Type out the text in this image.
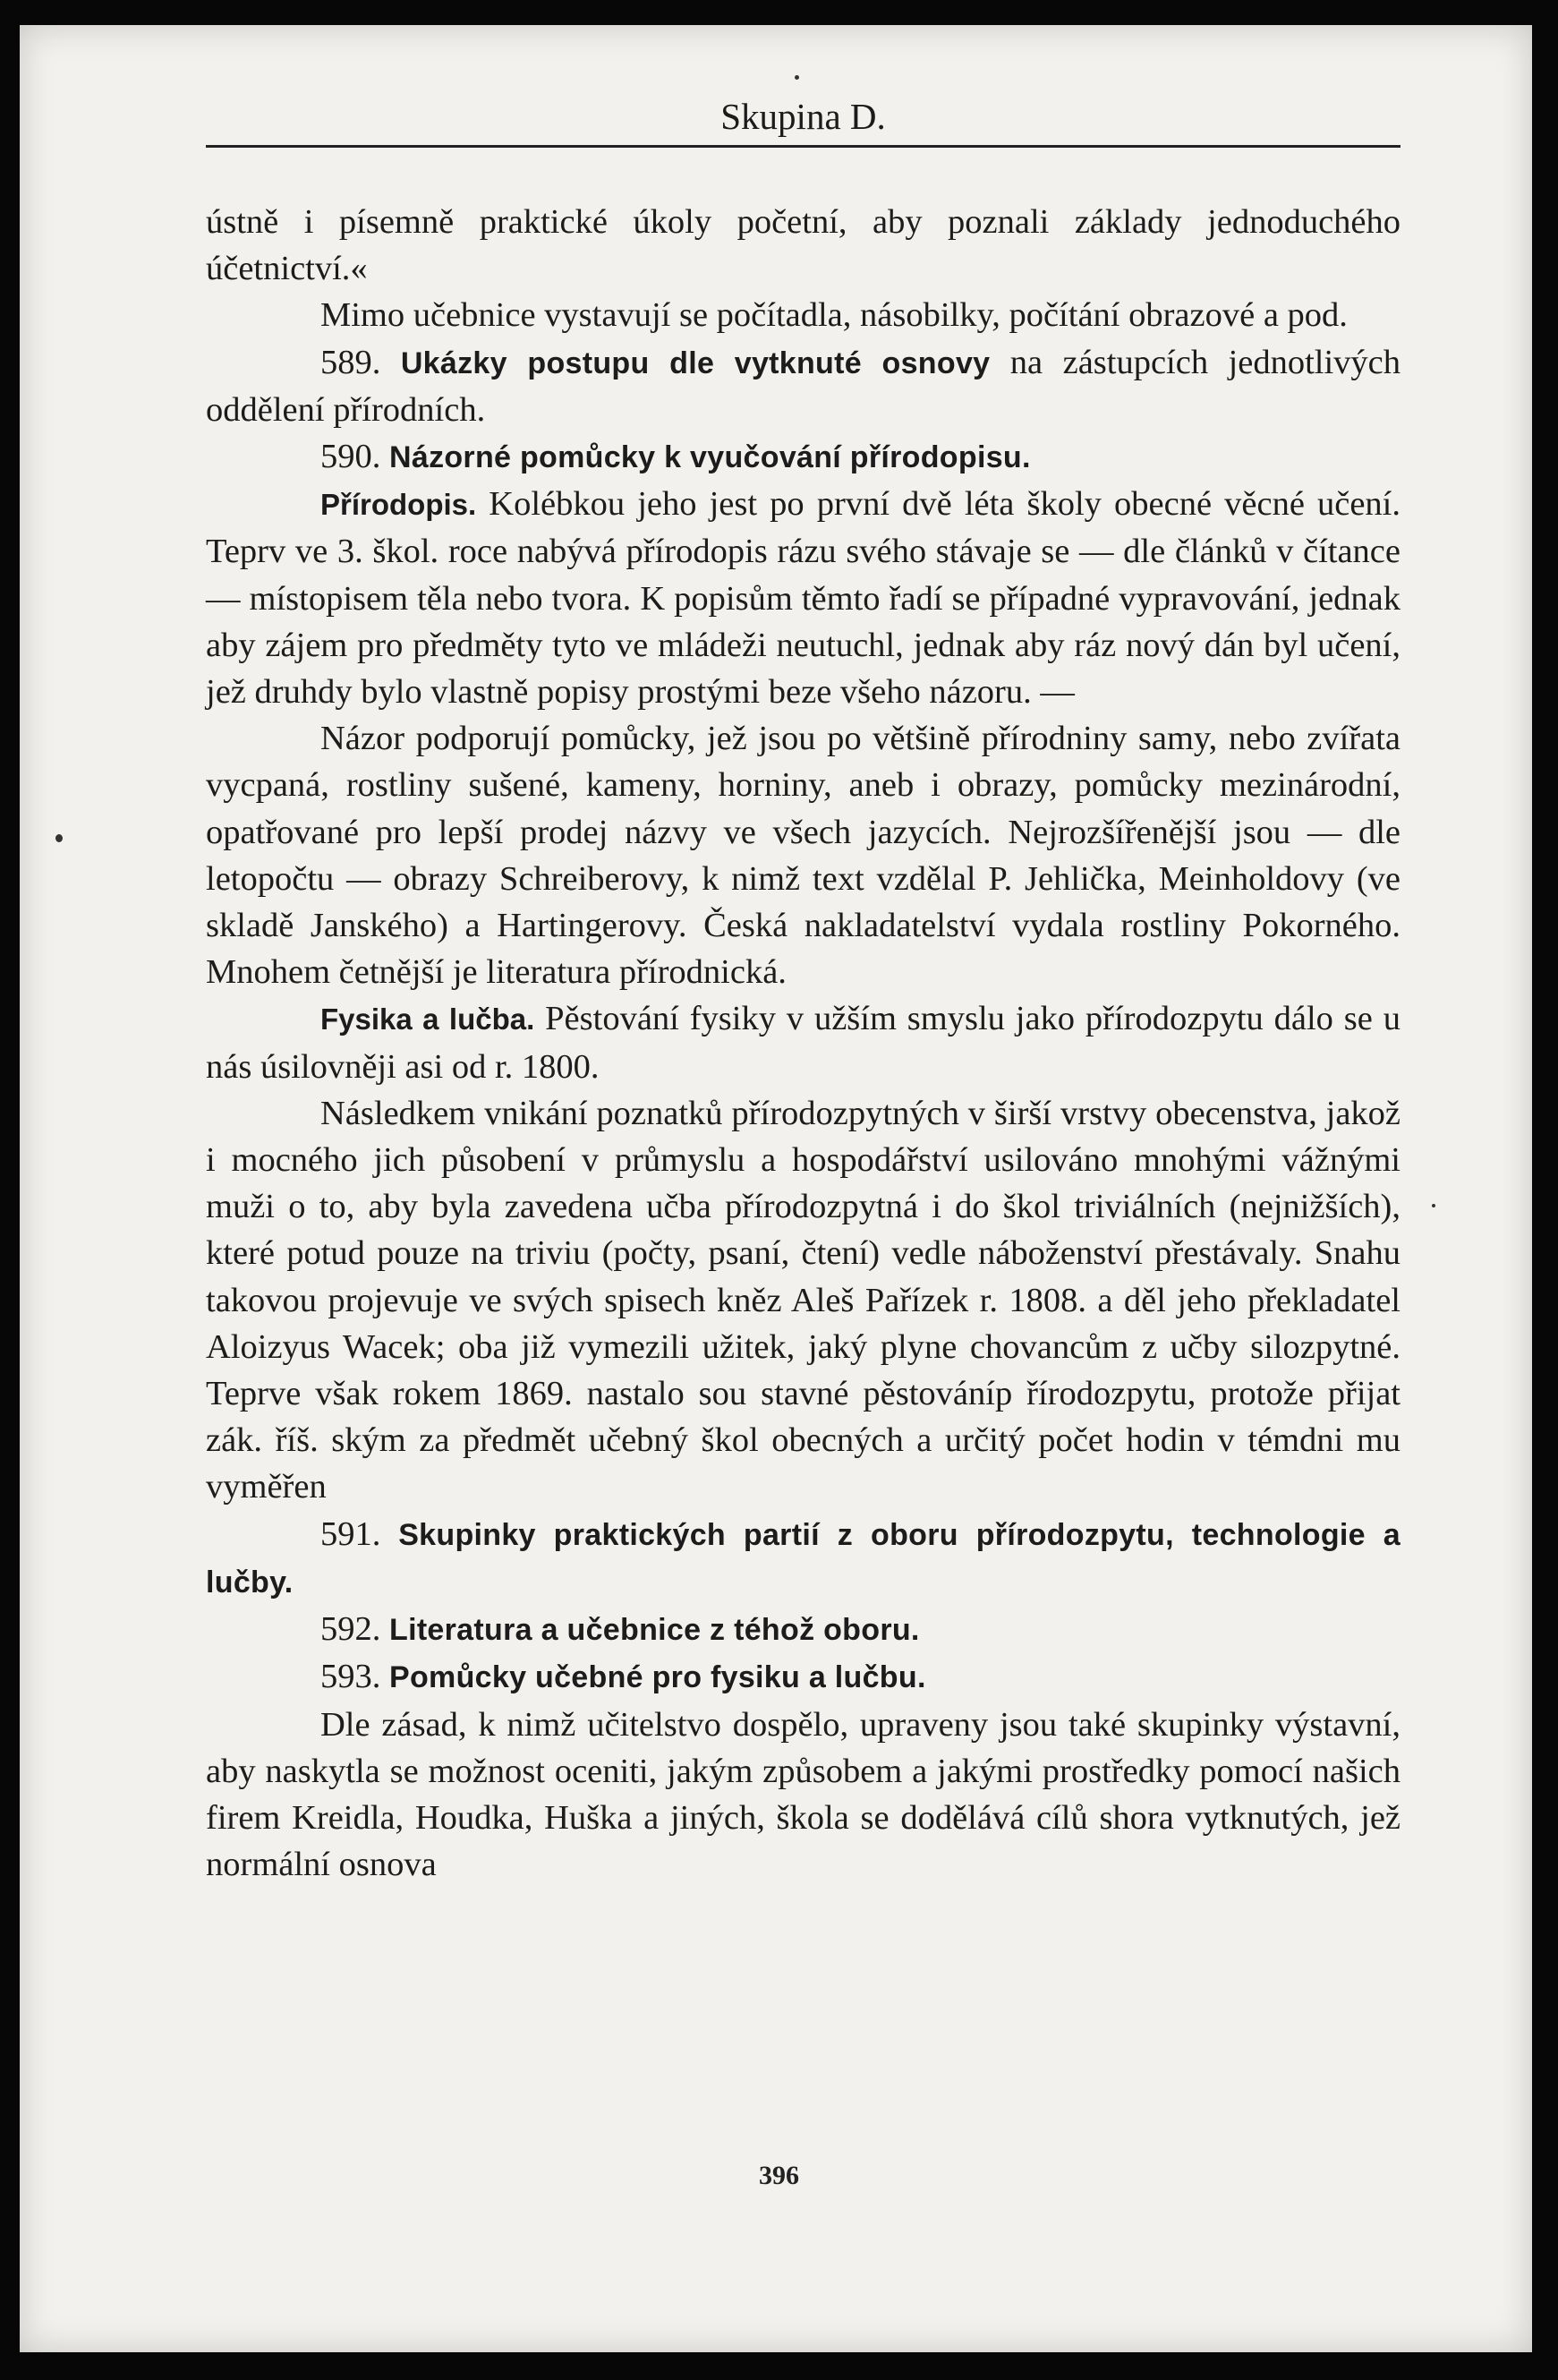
Skupina D.

ústně i písemně praktické úkoly početní, aby poznali základy jednoduchého účetnictví.«

Mimo učebnice vystavují se počítadla, násobilky, počítání obrazové a pod.

589. Ukázky postupu dle vytknuté osnovy na zástupcích jednotlivých oddělení přírodních.

590. Názorné pomůcky k vyučování přírodopisu.

Přírodopis. Kolébkou jeho jest po první dvě léta školy obecné věcné učení. Teprv ve 3. škol. roce nabývá přírodopis rázu svého stávaje se — dle článků v čítance — místopisem těla nebo tvora. K popisům těmto řadí se případné vypravování, jednak aby zájem pro předměty tyto ve mládeži neutuchl, jednak aby ráz nový dán byl učení, jež druhdy bylo vlastně popisy prostými beze všeho názoru. —

Názor podporují pomůcky, jež jsou po většině přírodniny samy, nebo zvířata vycpaná, rostliny sušené, kameny, horniny, aneb i obrazy, pomůcky mezinárodní, opatřované pro lepší prodej názvy ve všech jazycích. Nejrozšířenější jsou — dle letopočtu — obrazy Schreiberovy, k nimž text vzdělal P. Jehlička, Meinholdovy (ve skladě Janského) a Hartingerovy. Česká nakladatelství vydala rostliny Pokorného. Mnohem četnější je literatura přírodnická.

Fysika a lučba. Pěstování fysiky v užším smyslu jako přírodozpytu dálo se u nás úsilovněji asi od r. 1800.

Následkem vnikání poznatků přírodozpytných v širší vrstvy obecenstva, jakož i mocného jich působení v průmyslu a hospodářství usilováno mnohými vážnými muži o to, aby byla zavedena učba přírodozpytná i do škol triviálních (nejnižších), které potud pouze na triviu (počty, psaní, čtení) vedle náboženství přestávaly. Snahu takovou projevuje ve svých spisech kněz Aleš Pařízek r. 1808. a děl jeho překladatel Aloizyus Wacek; oba již vymezili užitek, jaký plyne chovancům z učby silozpytné. Teprve však rokem 1869. nastalo sou stavné pěstováníp řírodozpytu, protože přijat zák. říš. ským za předmět učebný škol obecných a určitý počet hodin v témdni mu vyměřen

591. Skupinky praktických partií z oboru přírodozpytu, technologie a lučby.

592. Literatura a učebnice z téhož oboru.

593. Pomůcky učebné pro fysiku a lučbu.

Dle zásad, k nimž učitelstvo dospělo, upraveny jsou také skupinky výstavní, aby naskytla se možnost oceniti, jakým způsobem a jakými prostředky pomocí našich firem Kreidla, Houdka, Huška a jiných, škola se dodělává cílů shora vytknutých, jež normální osnova

396
